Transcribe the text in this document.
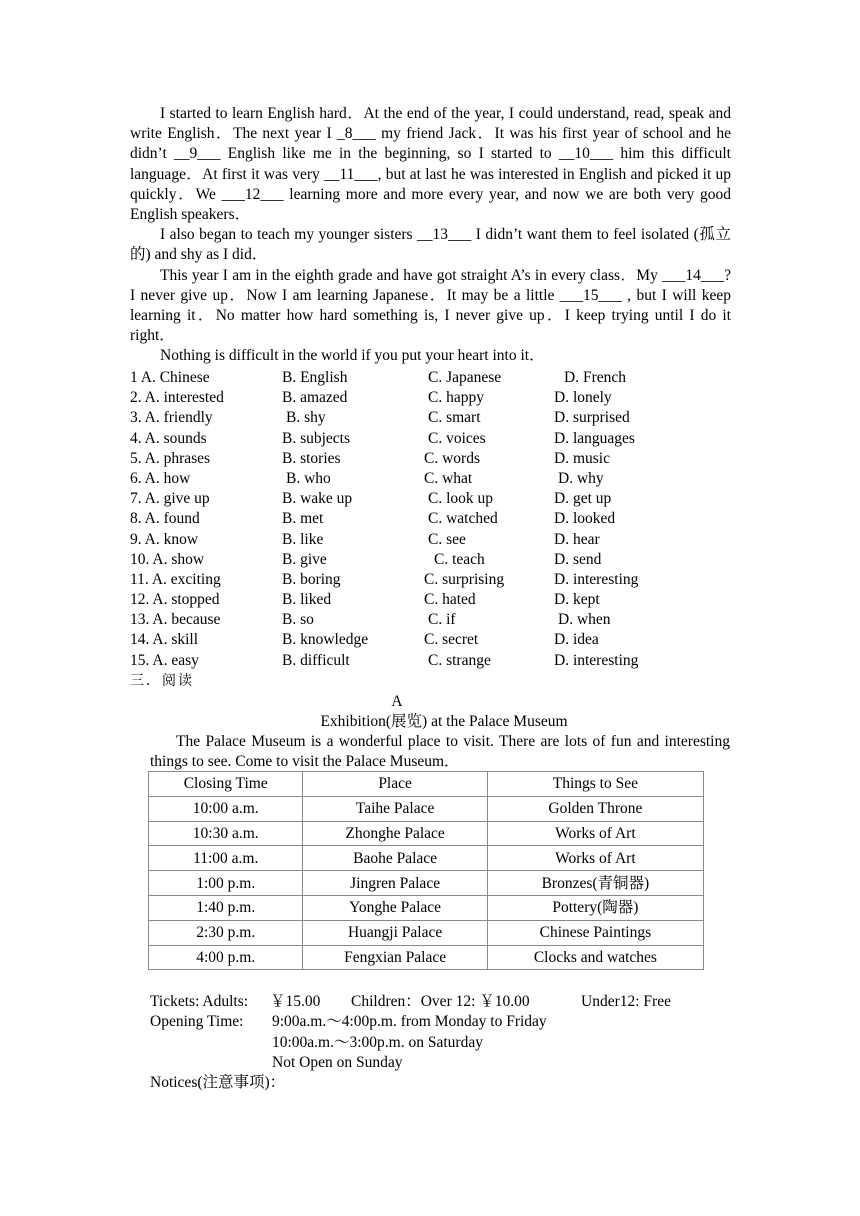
I started to learn English hard．At the end of the year, I could understand, read, speak and write English．The next year I _8___ my friend Jack．It was his first year of school and he didn’t __9___ English like me in the beginning, so I started to __10___ him this difficult language．At first it was very __11___, but at last he was interested in English and picked it up quickly．We ___12___ learning more and more every year, and now we are both very good English speakers．

I also began to teach my younger sisters __13___ I didn’t want them to feel isolated (孤立的) and shy as I did．

This year I am in the eighth grade and have got straight A’s in every class．My ___14___? I never give up．Now I am learning Japanese．It may be a little ___15___ , but I will keep learning it．No matter how hard something is, I never give up．I keep trying until I do it right．

Nothing is difficult in the world if you put your heart into it．

1 A. Chinese	B. English	C. Japanese	D. French
2. A. interested	B. amazed	C. happy	D. lonely
3. A. friendly	B. shy	C. smart	D. surprised
4. A. sounds	B. subjects	C. voices	D. languages
5. A. phrases	B. stories	C. words	D. music
6. A. how	B. who	C. what	D. why
7. A. give up	B. wake up	C. look up	D. get up
8. A. found	B. met	C. watched	D. looked
9. A. know	B. like	C. see	D. hear
10. A. show	B. give	C. teach	D. send
11. A. exciting	B. boring	C. surprising	D. interesting
12. A. stopped	B. liked	C. hated	D. kept
13. A. because	B. so	C. if	D. when
14. A. skill	B. knowledge	C. secret	D. idea
15. A. easy	B. difficult	C. strange	D. interesting
三．阅读
A
Exhibition(展览) at the Palace Museum

The Palace Museum is a wonderful place to visit. There are lots of fun and interesting things to see. Come to visit the Palace Museum．

Closing Time	Place	Things to See
10:00 a.m.	Taihe Palace	Golden Throne
10:30 a.m.	Zhonghe Palace	Works of Art
11:00 a.m.	Baohe Palace	Works of Art
1:00 p.m.	Jingren Palace	Bronzes(青铜器)
1:40 p.m.	Yonghe Palace	Pottery(陶器)
2:30 p.m.	Huangji Palace	Chinese Paintings
4:00 p.m.	Fengxian Palace	Clocks and watches
Tickets: Adults: ￥15.00 Children：Over 12: ￥10.00	Under12: Free
Opening Time: 9:00a.m.～4:00p.m. from Monday to Friday
10:00a.m.～3:00p.m. on Saturday
Not Open on Sunday
Notices(注意事项)：
